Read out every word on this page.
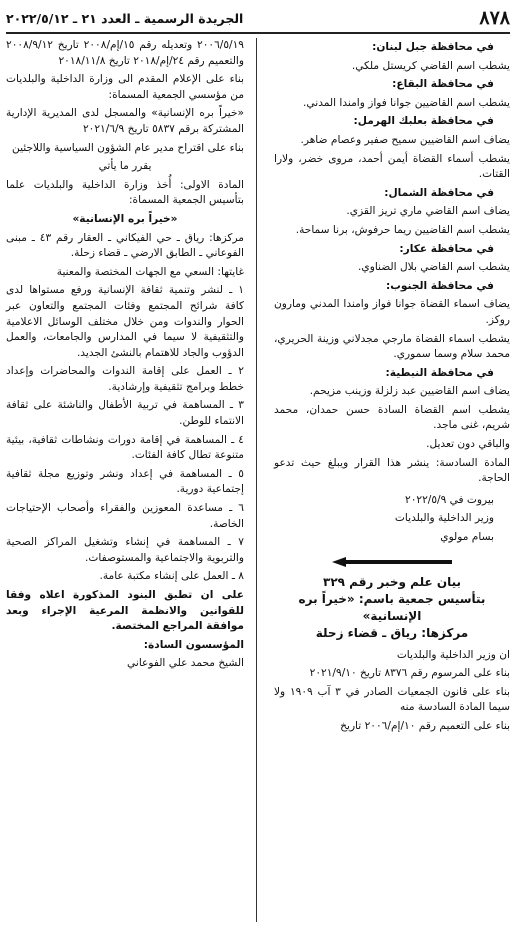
٨٧٨
الجريدة الرسمية ـ العدد ٢١ ـ ٢٠٢٢/٥/١٢

في محافظة جبل لبنان:

يشطب اسم القاضي كريستل ملكي.

في محافظة البقاع:

يشطب اسم القاضيين جوانا فواز وامندا المدني.

في محافظة بعلبك الهرمل:

يضاف اسم القاضيين سميح صفير وعصام ضاهر.

يشطب أسماء القضاة أيمن أحمد، مروى خضر، ولارا القتات.

في محافظة الشمال:

يضاف اسم القاضي ماري تريز القزي.

يشطب اسم القاضيين ريما حرفوش، برنا سماحة.

في محافظة عكار:

يشطب اسم القاضي بلال الضناوي.

في محافظة الجنوب:

يضاف اسماء القضاة جوانا فواز وامندا المدني ومارون روكز.

يشطب اسماء القضاة مارجي مجدلاني وزينة الحريري، محمد سلام وسما سموري.

في محافظة النبطية:

يضاف اسم القاضيين عبد زلزلة وزينب مزيحم.

يشطب اسم القضاة السادة حسن حمدان، محمد شريم، غنى ماجد.

والباقي دون تعديل.

المادة السادسة: ينشر هذا القرار ويبلغ حيث تدعو الحاجة.

بيروت في ٢٠٢٢/٥/٩

وزير الداخلية والبلديات

بسام مولوي

بيان علم وخبر رقم ٣٢٩
بتأسيس جمعية باسم: «خيراً بره الإنسانية»
مركزها: رياق ـ قضاء زحلة

ان وزير الداخلية والبلديات

بناء على المرسوم رقم ٨٣٧٦ تاريخ ٢٠٢١/٩/١٠

بناء على قانون الجمعيات الصادر في ٣ آب ١٩٠٩ ولا سيما المادة السادسة منه

بناء على التعميم رقم ١٠/إم/٢٠٠٦ تاريخ

٢٠٠٦/٥/١٩ وتعديله رقم ١٥/إم/٢٠٠٨ تاريخ ٢٠٠٨/٩/١٢ والتعميم رقم ٢٤/إم/٢٠١٨ تاريخ ٢٠١٨/١١/٨

بناء على الإعلام المقدم الى وزارة الداخلية والبلديات من مؤسسي الجمعية المسماة:

«خيراً بره الإنسانية» والمسجل لدى المديرية الإدارية المشتركة برقم ٥٨٣٧ تاريخ ٢٠٢١/٦/٩

بناء على اقتراح مدير عام الشؤون السياسية واللاجئين

يقرر ما يأتي

المادة الاولى: أُخذ وزارة الداخلية والبلديات علما بتأسيس الجمعية المسماة:

«خيراً بره الإنسانية»

مركزها: رياق ـ حي الفيكاني ـ العقار رقم ٤٣ ـ مبنى الفوعاني ـ الطابق الارضي ـ قضاء زحلة.

غايتها: السعي مع الجهات المختصة والمعنية

١ ـ لنشر وتنمية ثقافة الإنسانية ورفع مستواها لدى كافة شرائح المجتمع وفئات المجتمع والتعاون عبر الحوار والندوات ومن خلال مختلف الوسائل الاعلامية والتثقيفية لا سيما في المدارس والجامعات، والعمل الدؤوب والجاد للاهتمام بالنشئ الجديد.

٢ ـ العمل على إقامة الندوات والمحاضرات وإعداد خطط وبرامج تثقيفية وإرشادية.

٣ ـ المساهمة في تربية الأطفال والناشئة على ثقافة الانتماء للوطن.

٤ ـ المساهمة في إقامة دورات ونشاطات ثقافية، بيئية متنوعة تطال كافة الفئات.

٥ ـ المساهمة في إعداد ونشر وتوزيع مجلة ثقافية إجتماعية دورية.

٦ ـ مساعدة المعوزين والفقراء وأصحاب الإحتياجات الخاصة.

٧ ـ المساهمة في إنشاء وتشغيل المراكز الصحية والتربوية والاجتماعية والمستوصفات.

٨ ـ العمل على إنشاء مكتبة عامة.

على ان تطبق البنود المذكورة اعلاه وفقا للقوانين والانظمة المرعية الإجراء وبعد موافقة المراجع المختصة.

المؤسسون السادة:

الشيخ محمد علي الفوعاني
